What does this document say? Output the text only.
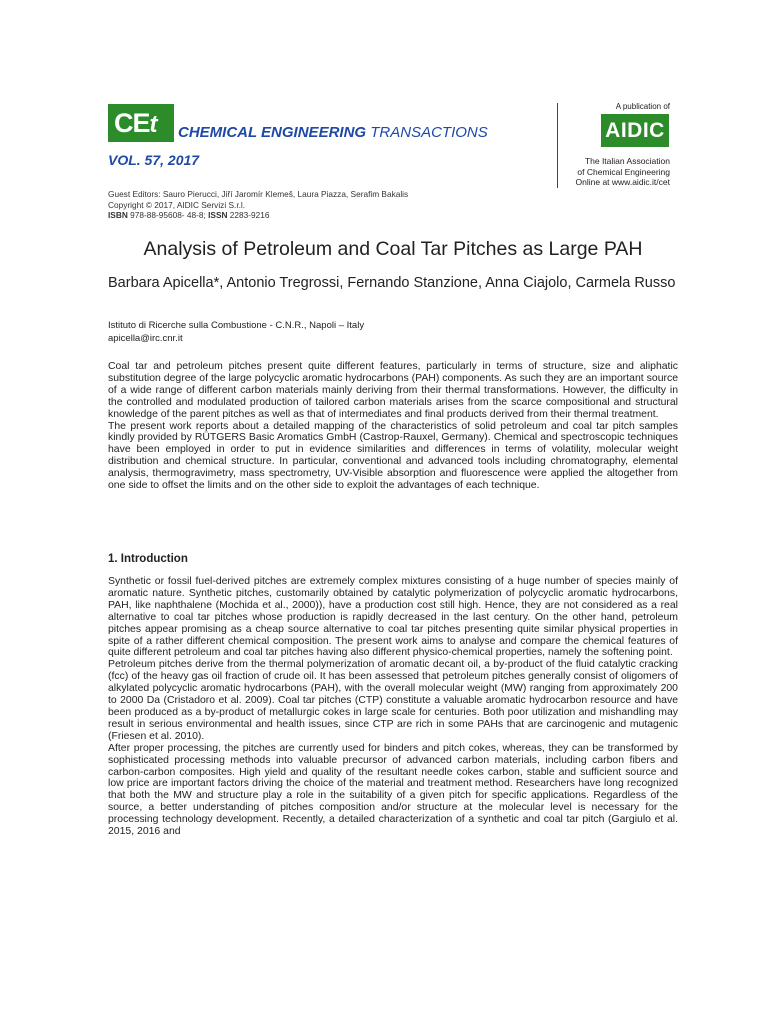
CEt	CHEMICAL ENGINEERING TRANSACTIONS
VOL. 57, 2017
A publication of
AIDIC
The Italian Association
of Chemical Engineering
Online at www.aidic.it/cet
Guest Editors: Sauro Pierucci, Jiří Jaromír Klemeš, Laura Piazza, Serafim Bakalis
Copyright © 2017, AIDIC Servizi S.r.l.
ISBN 978-88-95608- 48-8; ISSN 2283-9216
Analysis of Petroleum and Coal Tar Pitches as Large PAH
Barbara Apicella*, Antonio Tregrossi, Fernando Stanzione, Anna Ciajolo, Carmela Russo
Istituto di Ricerche sulla Combustione - C.N.R., Napoli – Italy
apicella@irc.cnr.it

Coal tar and petroleum pitches present quite different features, particularly in terms of structure, size and aliphatic substitution degree of the large polycyclic aromatic hydrocarbons (PAH) components. As such they are an important source of a wide range of different carbon materials mainly deriving from their thermal transformations. However, the difficulty in the controlled and modulated production of tailored carbon materials arises from the scarce compositional and structural knowledge of the parent pitches as well as that of intermediates and final products derived from their thermal treatment.

The present work reports about a detailed mapping of the characteristics of solid petroleum and coal tar pitch samples kindly provided by RÜTGERS Basic Aromatics GmbH (Castrop-Rauxel, Germany). Chemical and spectroscopic techniques have been employed in order to put in evidence similarities and differences in terms of volatility, molecular weight distribution and chemical structure. In particular, conventional and advanced tools including chromatography, elemental analysis, thermogravimetry, mass spectrometry, UV-Visible absorption and fluorescence were applied the altogether from one side to offset the limits and on the other side to exploit the advantages of each technique.

1. Introduction

Synthetic or fossil fuel-derived pitches are extremely complex mixtures consisting of a huge number of species mainly of aromatic nature. Synthetic pitches, customarily obtained by catalytic polymerization of polycyclic aromatic hydrocarbons, PAH, like naphthalene (Mochida et al., 2000)), have a production cost still high. Hence, they are not considered as a real alternative to coal tar pitches whose production is rapidly decreased in the last century. On the other hand, petroleum pitches appear promising as a cheap source alternative to coal tar pitches presenting quite similar physical properties in spite of a rather different chemical composition. The present work aims to analyse and compare the chemical features of quite different petroleum and coal tar pitches having also different physico-chemical properties, namely the softening point.

Petroleum pitches derive from the thermal polymerization of aromatic decant oil, a by-product of the fluid catalytic cracking (fcc) of the heavy gas oil fraction of crude oil. It has been assessed that petroleum pitches generally consist of oligomers of alkylated polycyclic aromatic hydrocarbons (PAH), with the overall molecular weight (MW) ranging from approximately 200 to 2000 Da (Cristadoro et al. 2009). Coal tar pitches (CTP) constitute a valuable aromatic hydrocarbon resource and have been produced as a by-product of metallurgic cokes in large scale for centuries. Both poor utilization and mishandling may result in serious environmental and health issues, since CTP are rich in some PAHs that are carcinogenic and mutagenic (Friesen et al. 2010).

After proper processing, the pitches are currently used for binders and pitch cokes, whereas, they can be transformed by sophisticated processing methods into valuable precursor of advanced carbon materials, including carbon fibers and carbon-carbon composites. High yield and quality of the resultant needle cokes carbon, stable and sufficient source and low price are important factors driving the choice of the material and treatment method. Researchers have long recognized that both the MW and structure play a role in the suitability of a given pitch for specific applications. Regardless of the source, a better understanding of pitches composition and/or structure at the molecular level is necessary for the processing technology development. Recently, a detailed characterization of a synthetic and coal tar pitch (Gargiulo et al. 2015, 2016 and
